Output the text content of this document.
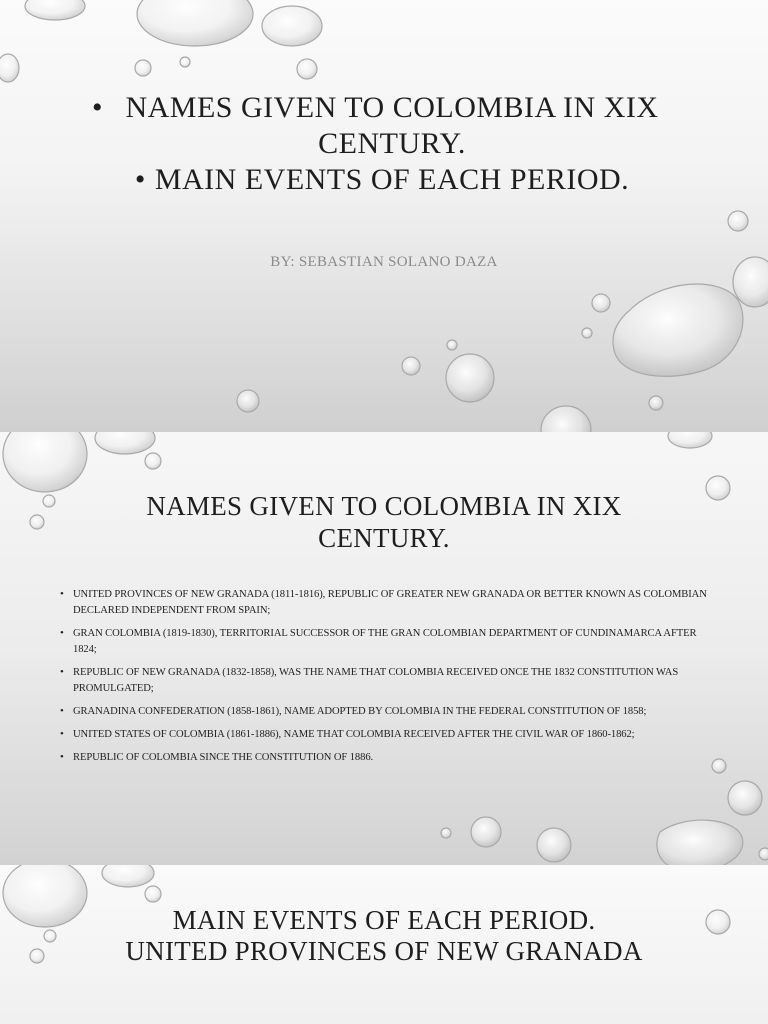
• NAMES GIVEN TO COLOMBIA IN XIX CENTURY.
• MAIN EVENTS OF EACH PERIOD.
BY: SEBASTIAN SOLANO DAZA
NAMES GIVEN TO COLOMBIA IN XIX CENTURY.
• UNITED PROVINCES OF NEW GRANADA (1811-1816), REPUBLIC OF GREATER NEW GRANADA OR BETTER KNOWN AS COLOMBIAN DECLARED INDEPENDENT FROM SPAIN;
• GRAN COLOMBIA (1819-1830), TERRITORIAL SUCCESSOR OF THE GRAN COLOMBIAN DEPARTMENT OF CUNDINAMARCA AFTER 1824;
• REPUBLIC OF NEW GRANADA (1832-1858), WAS THE NAME THAT COLOMBIA RECEIVED ONCE THE 1832 CONSTITUTION WAS PROMULGATED;
• GRANADINA CONFEDERATION (1858-1861), NAME ADOPTED BY COLOMBIA IN THE FEDERAL CONSTITUTION OF 1858;
• UNITED STATES OF COLOMBIA (1861-1886), NAME THAT COLOMBIA RECEIVED AFTER THE CIVIL WAR OF 1860-1862;
• REPUBLIC OF COLOMBIA SINCE THE CONSTITUTION OF 1886.
MAIN EVENTS OF EACH PERIOD.
UNITED PROVINCES OF NEW GRANADA
